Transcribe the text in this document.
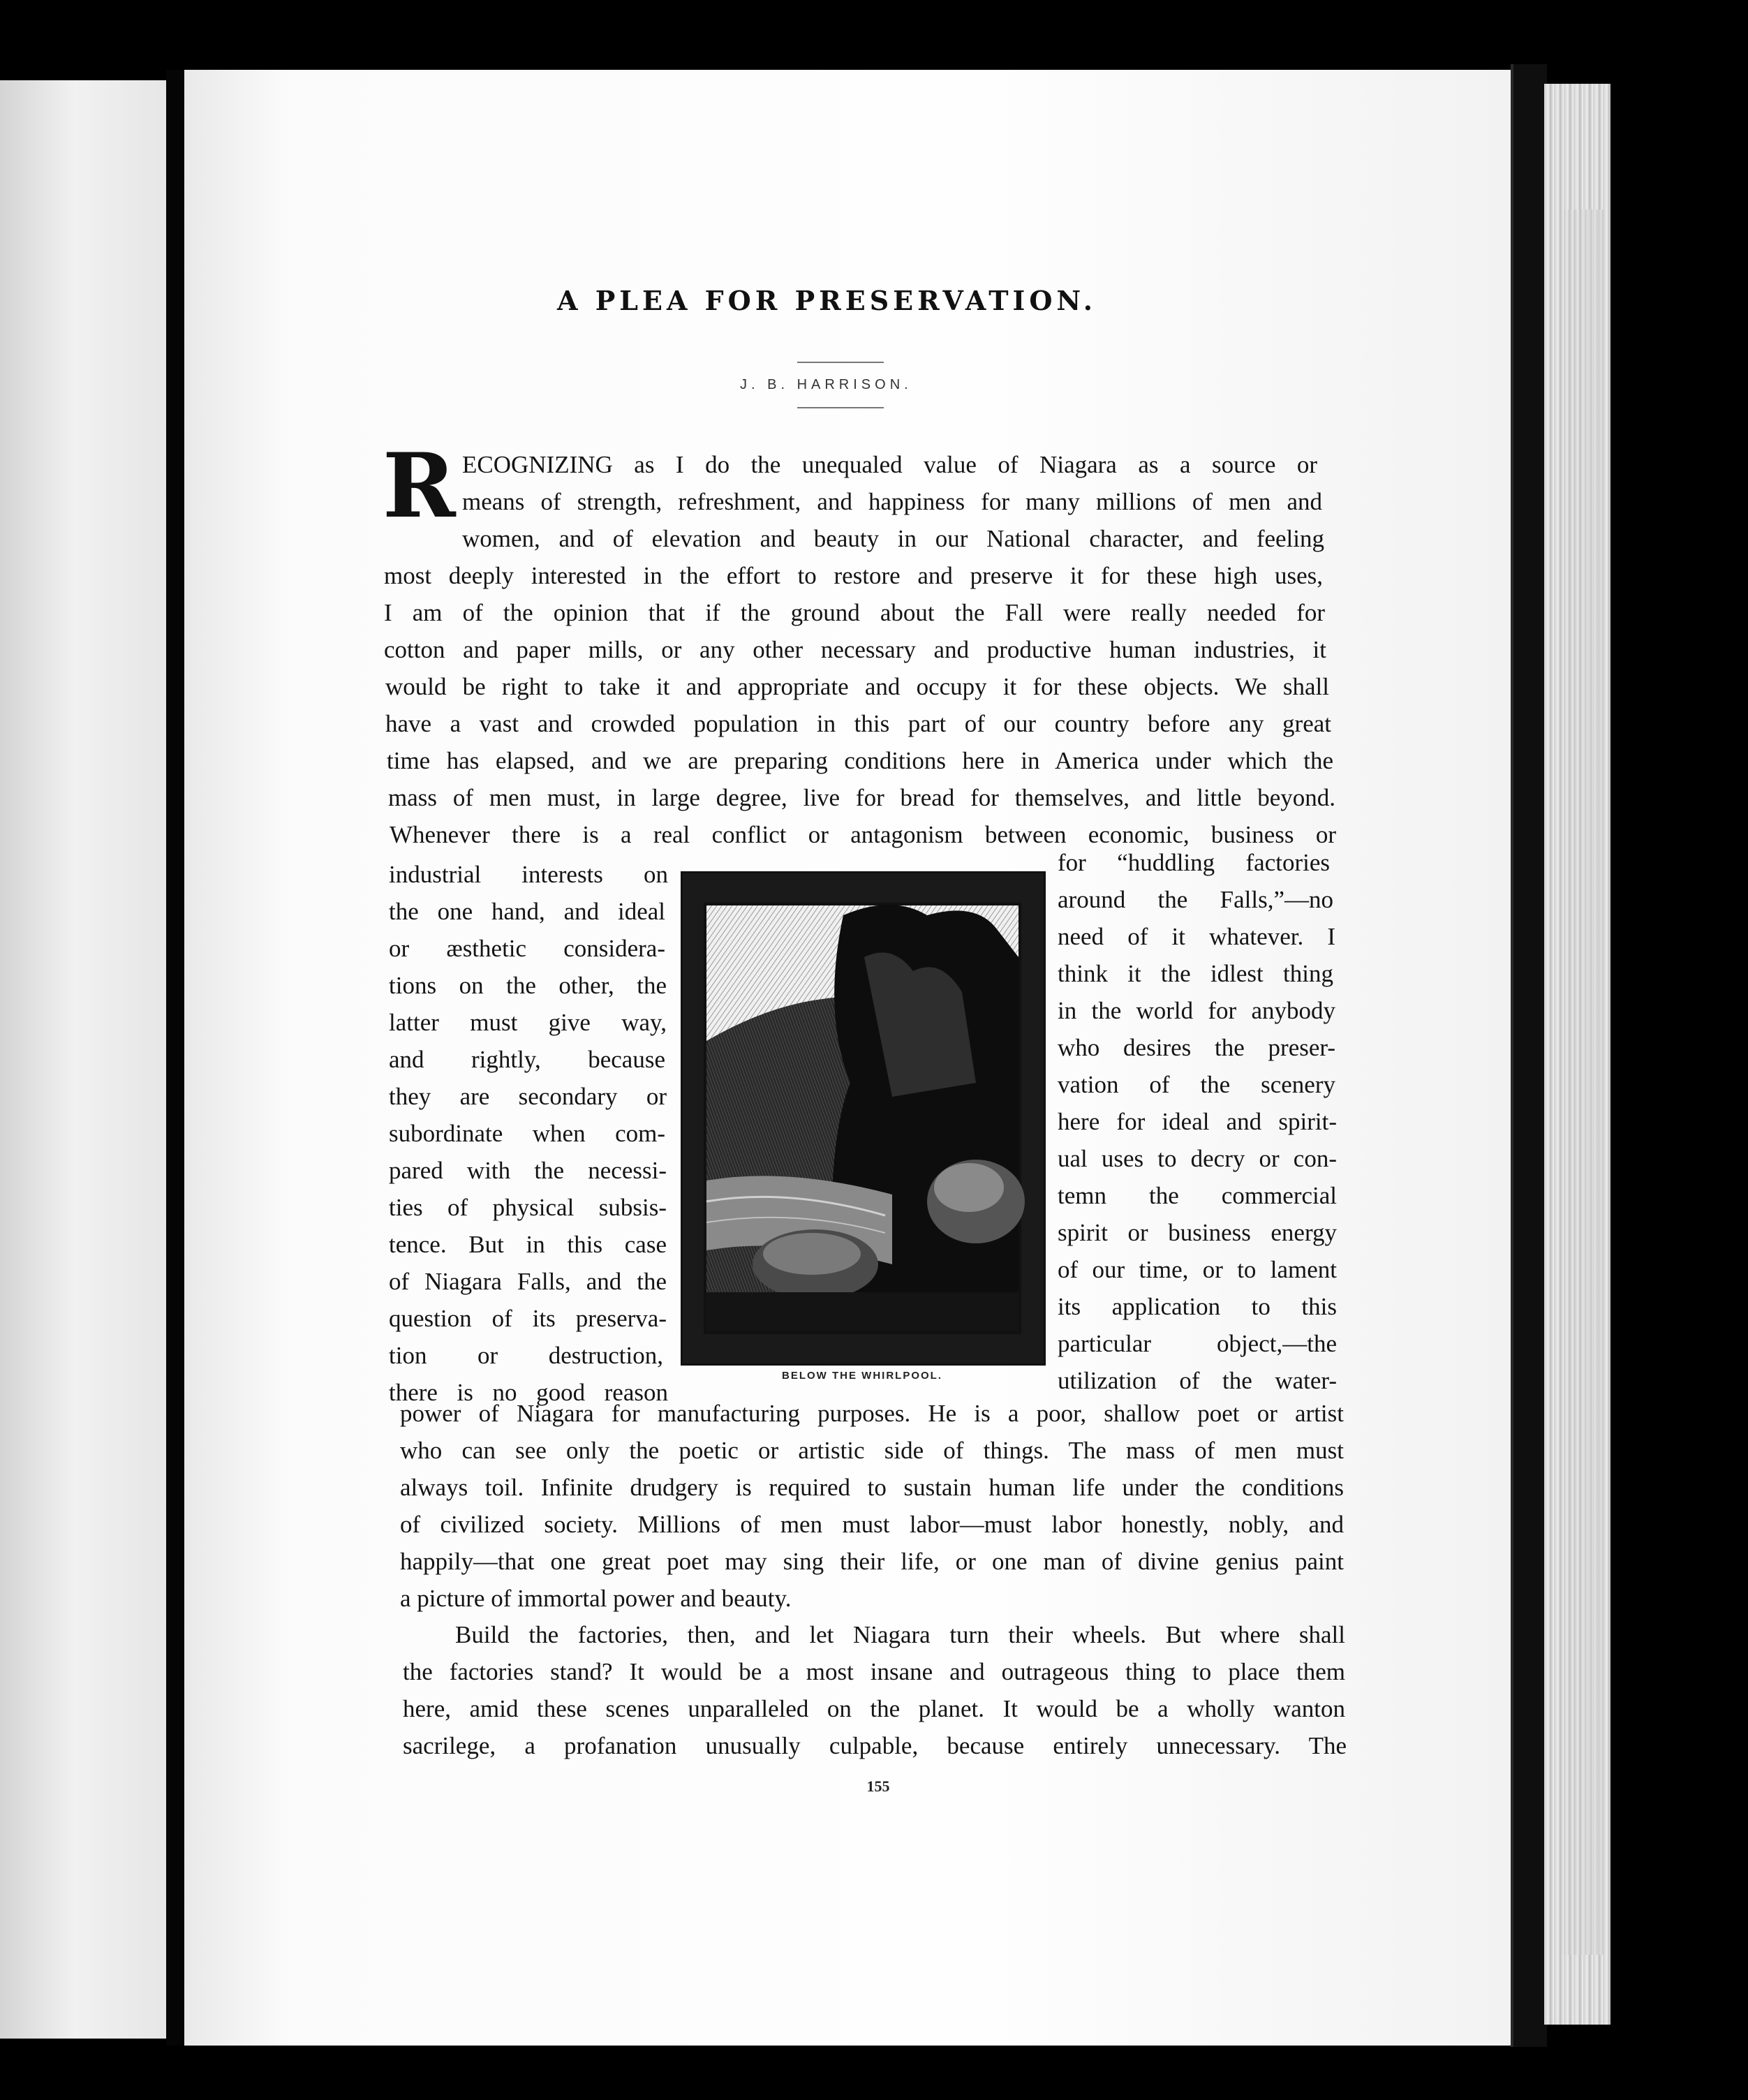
A PLEA FOR PRESERVATION.
J. B. HARRISON.
R ECOGNIZING as I do the unequaled value of Niagara as a source or
means of strength, refreshment, and happiness for many millions of men and
women, and of elevation and beauty in our National character, and feeling
most deeply interested in the effort to restore and preserve it for these high uses,
I am of the opinion that if the ground about the Fall were really needed for
cotton and paper mills, or any other necessary and productive human industries, it
would be right to take it and appropriate and occupy it for these objects. We shall
have a vast and crowded population in this part of our country before any great
time has elapsed, and we are preparing conditions here in America under which the
mass of men must, in large degree, live for bread for themselves, and little beyond.
Whenever there is a real conflict or antagonism between economic, business or
industrial interests on
the one hand, and ideal
or æsthetic considera-
tions on the other, the
latter must give way,
and rightly, because
they are secondary or
subordinate when com-
pared with the necessi-
ties of physical subsis-
tence. But in this case
of Niagara Falls, and the
question of its preserva-
tion or destruction,
there is no good reason
for “huddling factories
around the Falls,”—no
need of it whatever. I
think it the idlest thing
in the world for anybody
who desires the preser-
vation of the scenery
here for ideal and spirit-
ual uses to decry or con-
temn the commercial
spirit or business energy
of our time, or to lament
its application to this
particular object,—the
utilization of the water-
power of Niagara for manufacturing purposes. He is a poor, shallow poet or artist
who can see only the poetic or artistic side of things. The mass of men must
always toil. Infinite drudgery is required to sustain human life under the conditions
of civilized society. Millions of men must labor—must labor honestly, nobly, and
happily—that one great poet may sing their life, or one man of divine genius paint
a picture of immortal power and beauty.
Build the factories, then, and let Niagara turn their wheels. But where shall
the factories stand? It would be a most insane and outrageous thing to place them
here, amid these scenes unparalleled on the planet. It would be a wholly wanton
sacrilege, a profanation unusually culpable, because entirely unnecessary. The
BELOW THE WHIRLPOOL.
155
